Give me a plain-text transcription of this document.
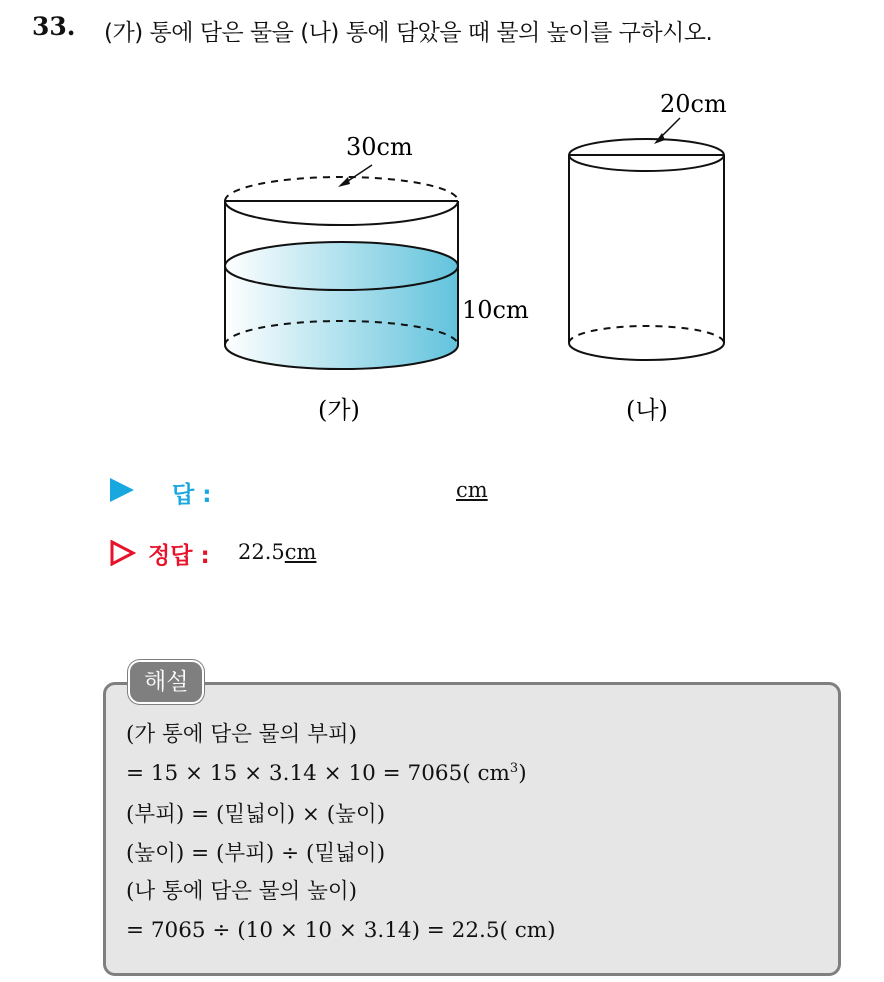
33. (가) 통에 담은 물을 (나) 통에 담았을 때 물의 높이를 구하시오.
30cm
10cm
(가)
20cm
(나)
답 :	cm
정답 : 22.5cm
해설
(가 통에 담은 물의 부피)
= 15 × 15 × 3.14 × 10 = 7065( $cm^3$)
(부피) = (밑넓이) × (높이)
(높이) = (부피) ÷ (밑넓이)
(나 통에 담은 물의 높이)
= 7065 ÷ (10 × 10 × 3.14) = 22.5( cm)
